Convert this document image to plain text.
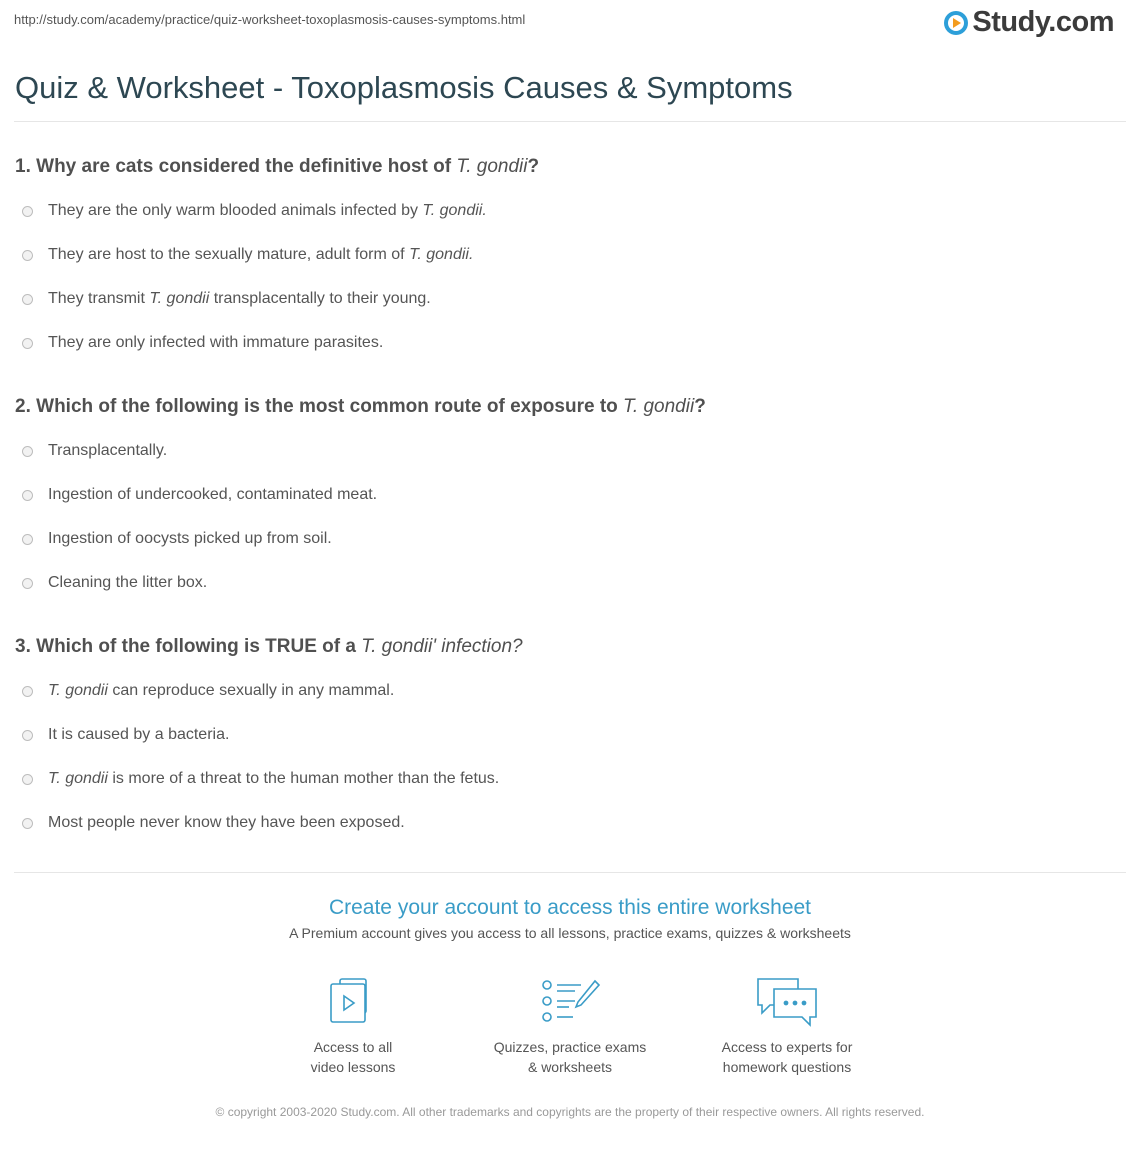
http://study.com/academy/practice/quiz-worksheet-toxoplasmosis-causes-symptoms.html	Study.com
Quiz & Worksheet - Toxoplasmosis Causes & Symptoms

1. Why are cats considered the definitive host of T. gondii?

They are the only warm blooded animals infected by T. gondii.
They are host to the sexually mature, adult form of T. gondii.
They transmit T. gondii transplacentally to their young.
They are only infected with immature parasites.

2. Which of the following is the most common route of exposure to T. gondii?

Transplacentally.
Ingestion of undercooked, contaminated meat.
Ingestion of oocysts picked up from soil.
Cleaning the litter box.

3. Which of the following is TRUE of a T. gondii' infection?

T. gondii can reproduce sexually in any mammal.
It is caused by a bacteria.
T. gondii is more of a threat to the human mother than the fetus.
Most people never know they have been exposed.
Create your account to access this entire worksheet
A Premium account gives you access to all lessons, practice exams, quizzes & worksheets
Access to all
video lessons
Quizzes, practice exams
& worksheets
Access to experts for
homework questions
© copyright 2003-2020 Study.com. All other trademarks and copyrights are the property of their respective owners. All rights reserved.
